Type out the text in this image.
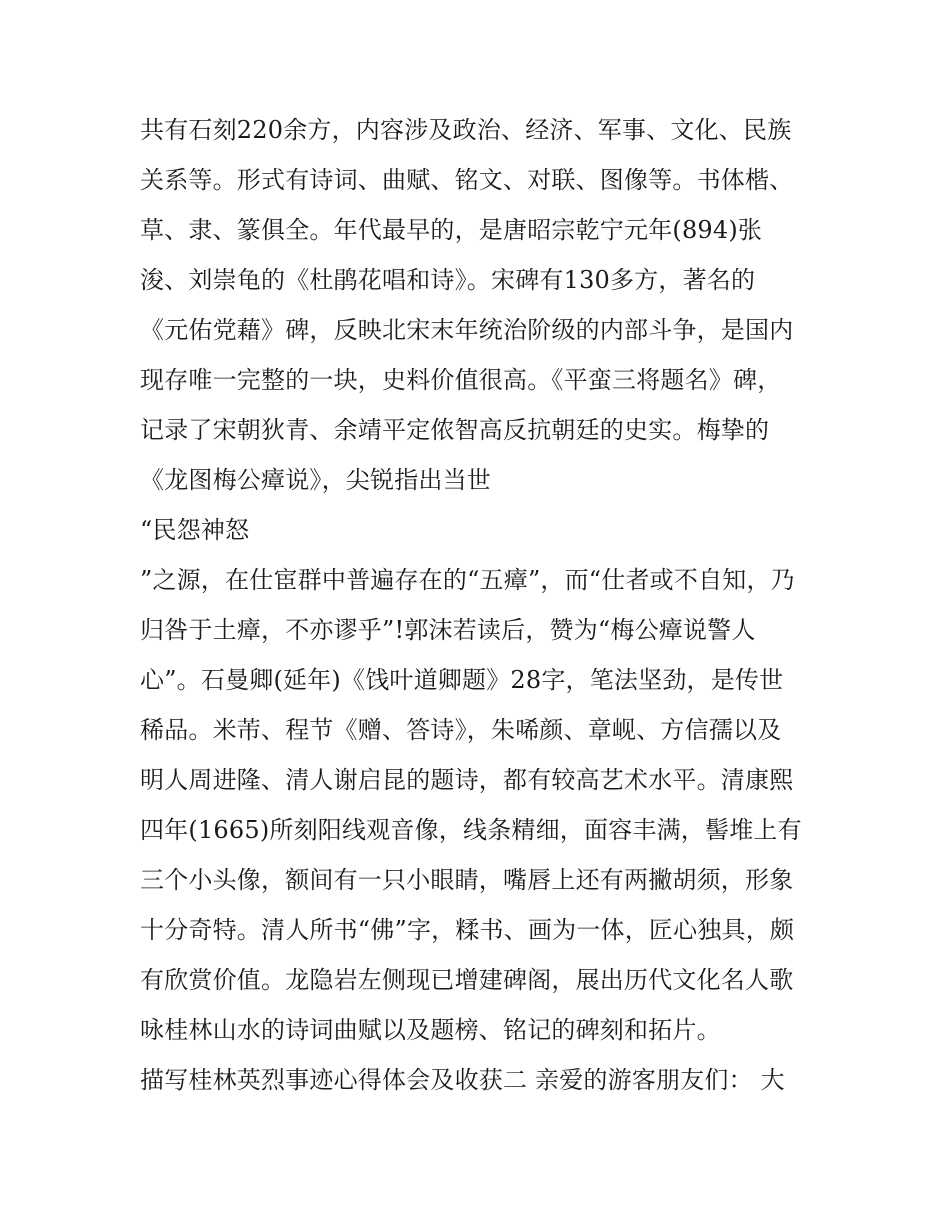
共有石刻220余方，内容涉及政治、经济、军事、文化、民族
关系等。形式有诗词、曲赋、铭文、对联、图像等。书体楷、
草、隶、篆俱全。年代最早的，是唐昭宗乾宁元年(894)张
浚、刘崇龟的《杜鹃花唱和诗》。宋碑有130多方，著名的
《元佑党藉》碑，反映北宋末年统治阶级的内部斗争，是国内
现存唯一完整的一块，史料价值很高。《平蛮三将题名》碑，
记录了宋朝狄青、余靖平定侬智高反抗朝廷的史实。梅挚的
《龙图梅公瘴说》，尖锐指出当世
“民怨神怒
”之源，在仕宦群中普遍存在的“五瘴”，而“仕者或不自知，乃
归咎于土瘴，不亦谬乎”!郭沫若读后，赞为“梅公瘴说警人
心”。石曼卿(延年)《饯叶道卿题》28字，笔法坚劲，是传世
稀品。米芾、程节《赠、答诗》，朱唏颜、章岘、方信孺以及
明人周进隆、清人谢启昆的题诗，都有较高艺术水平。清康熙
四年(1665)所刻阳线观音像，线条精细，面容丰满，髻堆上有
三个小头像，额间有一只小眼睛，嘴唇上还有两撇胡须，形象
十分奇特。清人所书“佛”字，糅书、画为一体，匠心独具，颇
有欣赏价值。龙隐岩左侧现已增建碑阁，展出历代文化名人歌
咏桂林山水的诗词曲赋以及题榜、铭记的碑刻和拓片。
描写桂林英烈事迹心得体会及收获二 亲爱的游客朋友们： 大
